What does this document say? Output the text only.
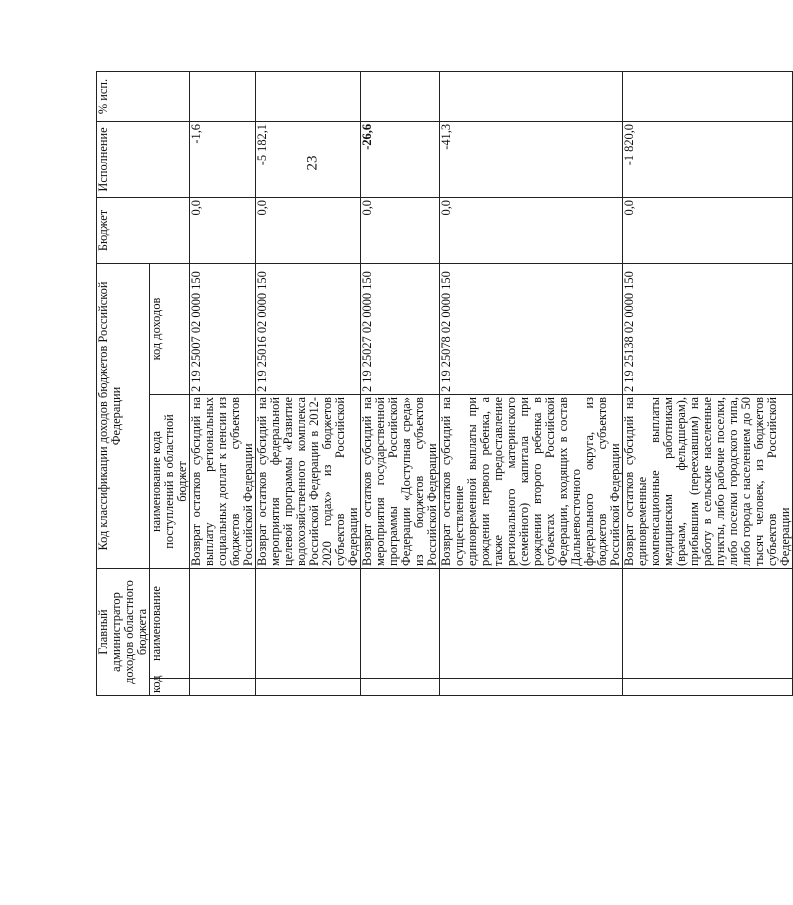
23
Главный администратор доходов областного бюджета		Код классификации доходов бюджетов Российской Федерации		Бюджет	Исполнение	% исп.
код	наименование	наименование кода поступлений в областной бюджет	код доходов			
		Возврат остатков субсидий на выплату региональных социальных доплат к пенсии из бюджетов субъектов Российской Федерации	2 19 25007 02 0000 150	0,0	-1,6	
		Возврат остатков субсидий на мероприятия федеральной целевой программы «Развитие водохозяйственного комплекса Российской Федерации в 2012-2020 годах» из бюджетов субъектов Российской Федерации	2 19 25016 02 0000 150	0,0	-5 182,1	
		Возврат остатков субсидий на мероприятия государственной программы Российской Федерации «Доступная среда» из бюджетов субъектов Российской Федерации	2 19 25027 02 0000 150	0,0	-26,6	
		Возврат остатков субсидий на осуществление единовременной выплаты при рождении первого ребенка, а также предоставление регионального материнского (семейного) капитала при рождении второго ребенка в субъектах Российской Федерации, входящих в состав Дальневосточного федерального округа, из бюджетов субъектов Российской Федерации	2 19 25078 02 0000 150	0,0	-41,3	
		Возврат остатков субсидий на единовременные компенсационные выплаты медицинским работникам (врачам, фельдшерам), прибывшим (переехавшим) на работу в сельские населенные пункты, либо рабочие поселки, либо поселки городского типа, либо города с населением до 50 тысяч человек, из бюджетов субъектов Российской Федерации	2 19 25138 02 0000 150	0,0	-1 820,0	
